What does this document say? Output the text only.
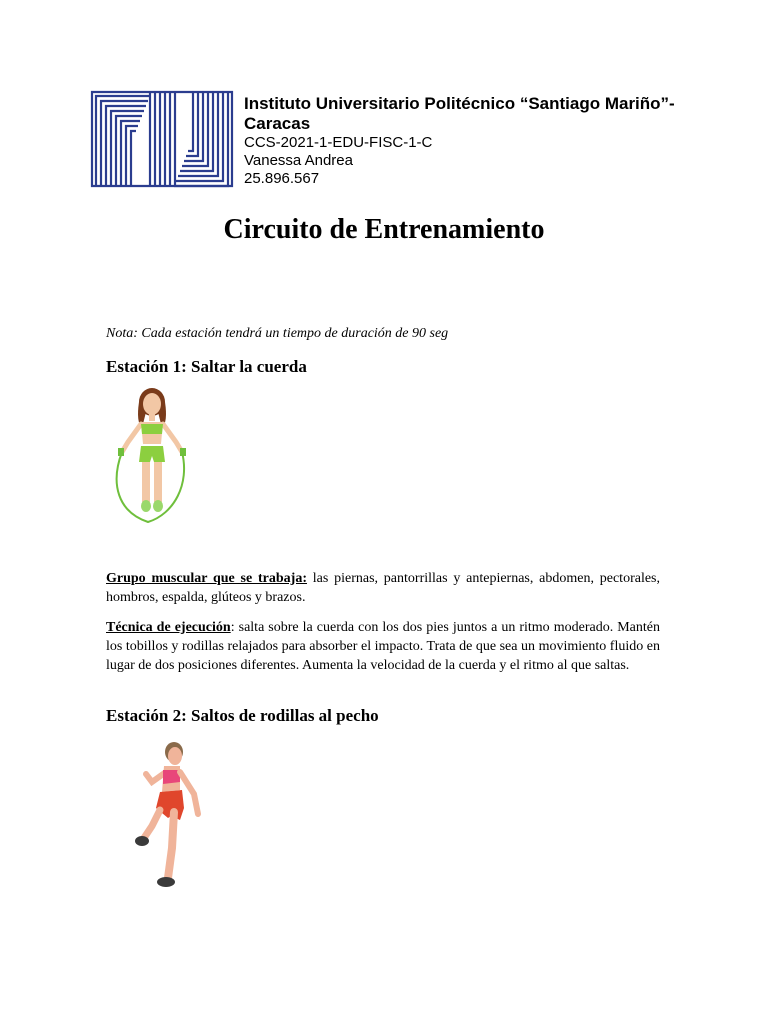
Instituto Universitario Politécnico “Santiago Mariño”-Caracas
CCS-2021-1-EDU-FISC-1-C
Vanessa Andrea
25.896.567
Circuito de Entrenamiento
Nota: Cada estación tendrá un tiempo de duración de 90 seg
Estación 1: Saltar la cuerda
Grupo muscular que se trabaja: las piernas, pantorrillas y antepiernas, abdomen, pectorales, hombros, espalda, glúteos y brazos.
Técnica de ejecución: salta sobre la cuerda con los dos pies juntos a un ritmo moderado. Mantén los tobillos y rodillas relajados para absorber el impacto. Trata de que sea un movimiento fluido en lugar de dos posiciones diferentes. Aumenta la velocidad de la cuerda y el ritmo al que saltas.
Estación 2: Saltos de rodillas al pecho
